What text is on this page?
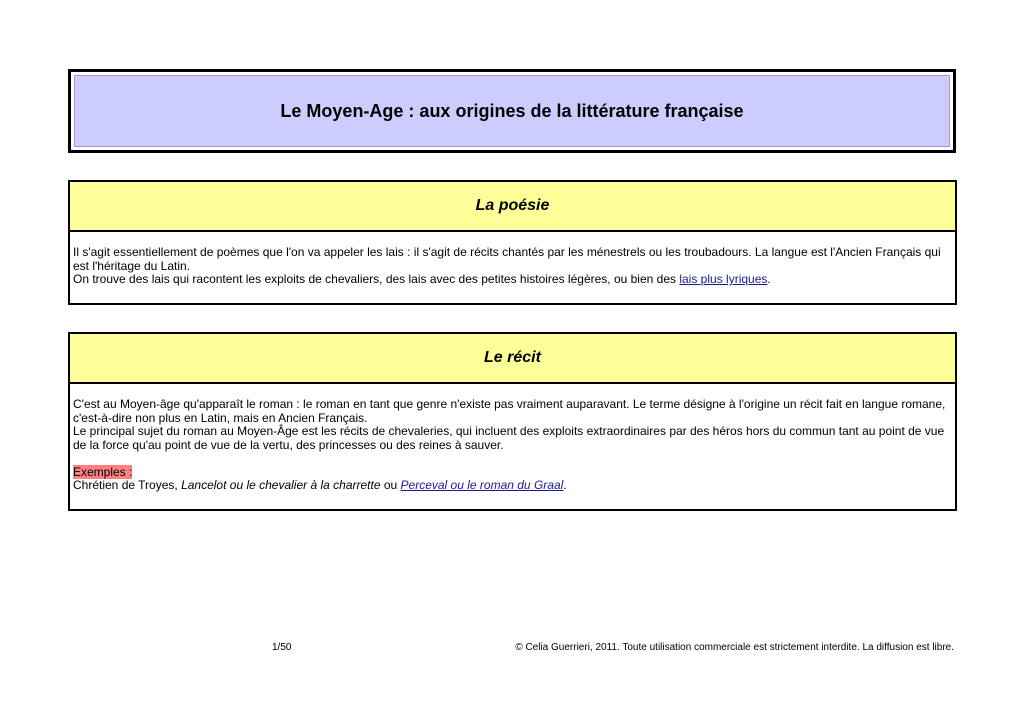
Le Moyen-Age : aux origines de la littérature française
La poésie

Il s'agit essentiellement de poèmes que l'on va appeler les lais : il s'agit de récits chantés par les ménestrels ou les troubadours. La langue est l'Ancien Français qui est l'héritage du Latin.

On trouve des lais qui racontent les exploits de chevaliers, des lais avec des petites histoires légères, ou bien des lais plus lyriques.

Le récit

C'est au Moyen-âge qu'apparaît le roman : le roman en tant que genre n'existe pas vraiment auparavant. Le terme désigne à l'origine un récit fait en langue romane, c'est-à-dire non plus en Latin, mais en Ancien Français.

Le principal sujet du roman au Moyen-Âge est les récits de chevaleries, qui incluent des exploits extraordinaires par des héros hors du commun tant au point de vue de la force qu'au point de vue de la vertu, des princesses ou des reines à sauver.

Exemples :

Chrétien de Troyes, Lancelot ou le chevalier à la charrette ou Perceval ou le roman du Graal.

1/50	© Celia Guerrieri, 2011. Toute utilisation commerciale est strictement interdite. La diffusion est libre.
